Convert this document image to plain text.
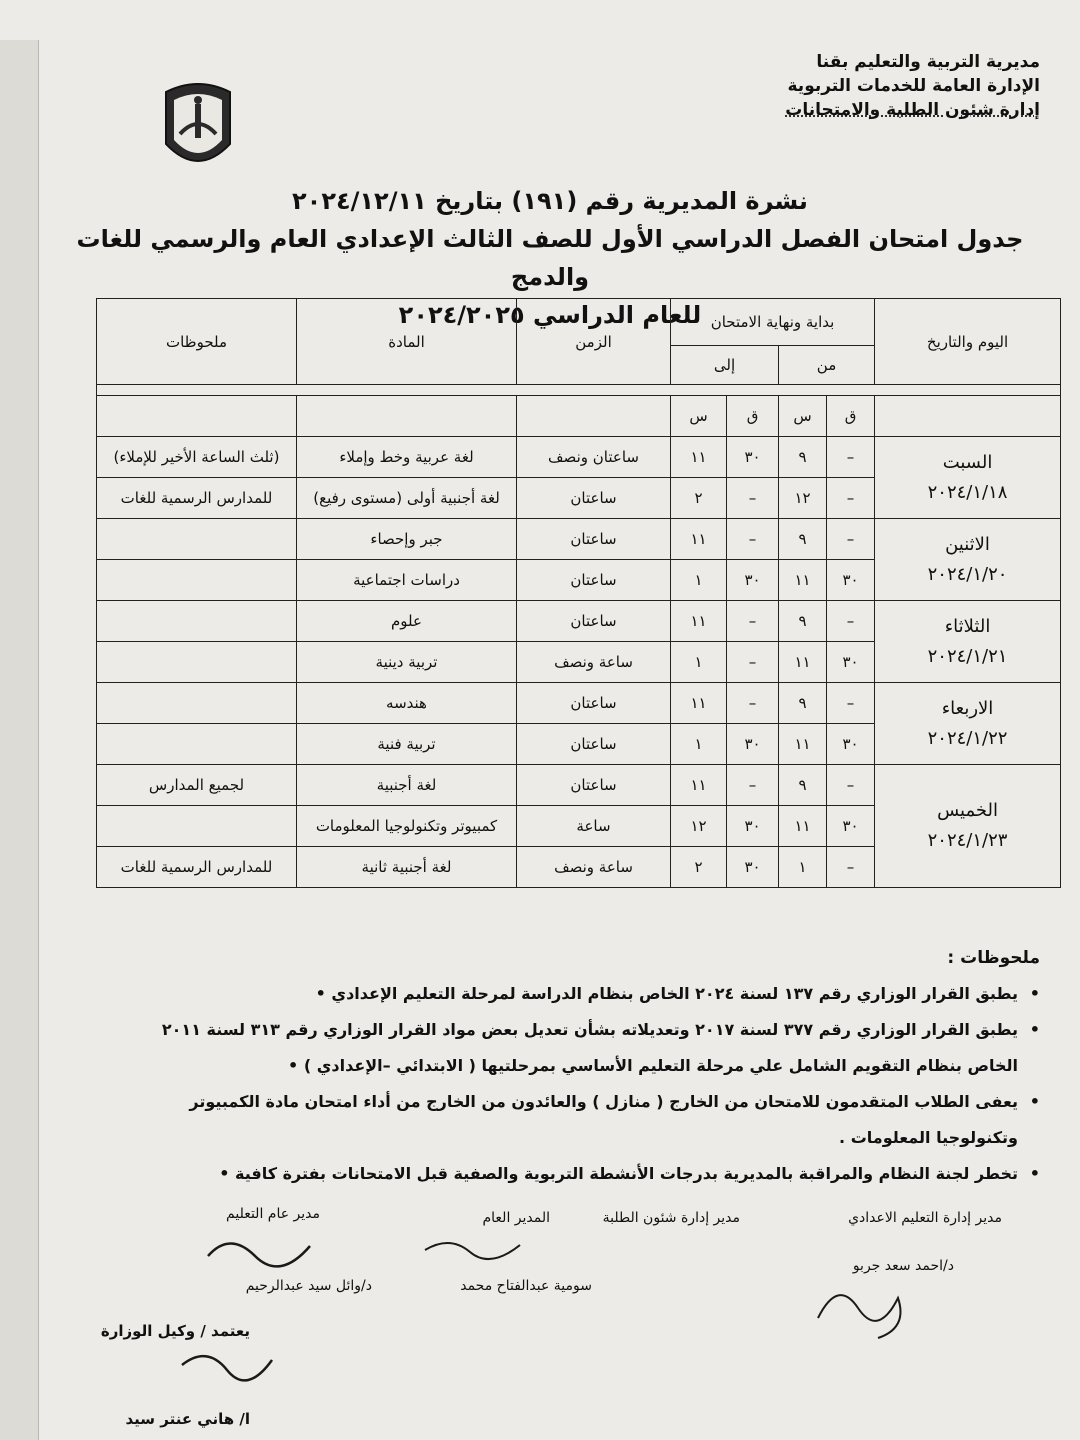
مديرية التربية والتعليم بقنا
الإدارة العامة للخدمات التربوية
إدارة شئون الطلبة والامتحانات
نشرة المديرية رقم (١٩١) بتاريخ ٢٠٢٤/١٢/١١
جدول امتحان الفصل الدراسي الأول للصف الثالث الإعدادي العام والرسمي للغات والدمج
للعام الدراسي ٢٠٢٤/٢٠٢٥
اليوم والتاريخ	بداية ونهاية الامتحان				الزمن	المادة	ملحوظات
	من		إلى				

	ق	س	ق	س			

السبت
٢٠٢٤/١/١٨	–	٩	٣٠	١١	ساعتان ونصف	لغة عربية وخط وإملاء	(ثلث الساعة الأخير للإملاء)
	–	١٢	–	٢	ساعتان	لغة أجنبية أولى (مستوى رفيع)	للمدارس الرسمية للغات

الاثنين
٢٠٢٤/١/٢٠	–	٩	–	١١	ساعتان	جبر وإحصاء	
	٣٠	١١	٣٠	١	ساعتان	دراسات اجتماعية	

الثلاثاء
٢٠٢٤/١/٢١	–	٩	–	١١	ساعتان	علوم	
	٣٠	١١	–	١	ساعة ونصف	تربية دينية	

الاربعاء
٢٠٢٤/١/٢٢	–	٩	–	١١	ساعتان	هندسه	
	٣٠	١١	٣٠	١	ساعتان	تربية فنية	

الخميس
٢٠٢٤/١/٢٣	–	٩	–	١١	ساعتان	لغة أجنبية	لجميع المدارس
	٣٠	١١	٣٠	١٢	ساعة	كمبيوتر وتكنولوجيا المعلومات	
	–	١	٣٠	٢	ساعة ونصف	لغة أجنبية ثانية	للمدارس الرسمية للغات
ملحوظات :
• يطبق القرار الوزاري رقم ١٣٧ لسنة ٢٠٢٤ الخاص بنظام الدراسة لمرحلة التعليم الإعدادي •
• يطبق القرار الوزاري رقم ٣٧٧ لسنة ٢٠١٧ وتعديلاته بشأن تعديل بعض مواد القرار الوزاري رقم ٣١٣ لسنة ٢٠١١ الخاص بنظام التقويم الشامل علي مرحلة التعليم الأساسي بمرحلتيها ( الابتدائي –الإعدادي ) •
• يعفى الطلاب المتقدمون للامتحان من الخارج ( منازل ) والعائدون من الخارج من أداء امتحان مادة الكمبيوتر وتكنولوجيا المعلومات .
• تخطر لجنة النظام والمراقبة بالمديرية بدرجات الأنشطة التربوية والصفية قبل الامتحانات بفترة كافية •
مدير إدارة التعليم الاعدادي
د/احمد سعد جربو
مدير إدارة شئون الطلبة
سومية عبدالفتاح محمد
المدير العام
مدير عام التعليم
د/وائل سيد عبدالرحيم
يعتمد / وكيل الوزارة
ا/ هاني عنتر سيد
